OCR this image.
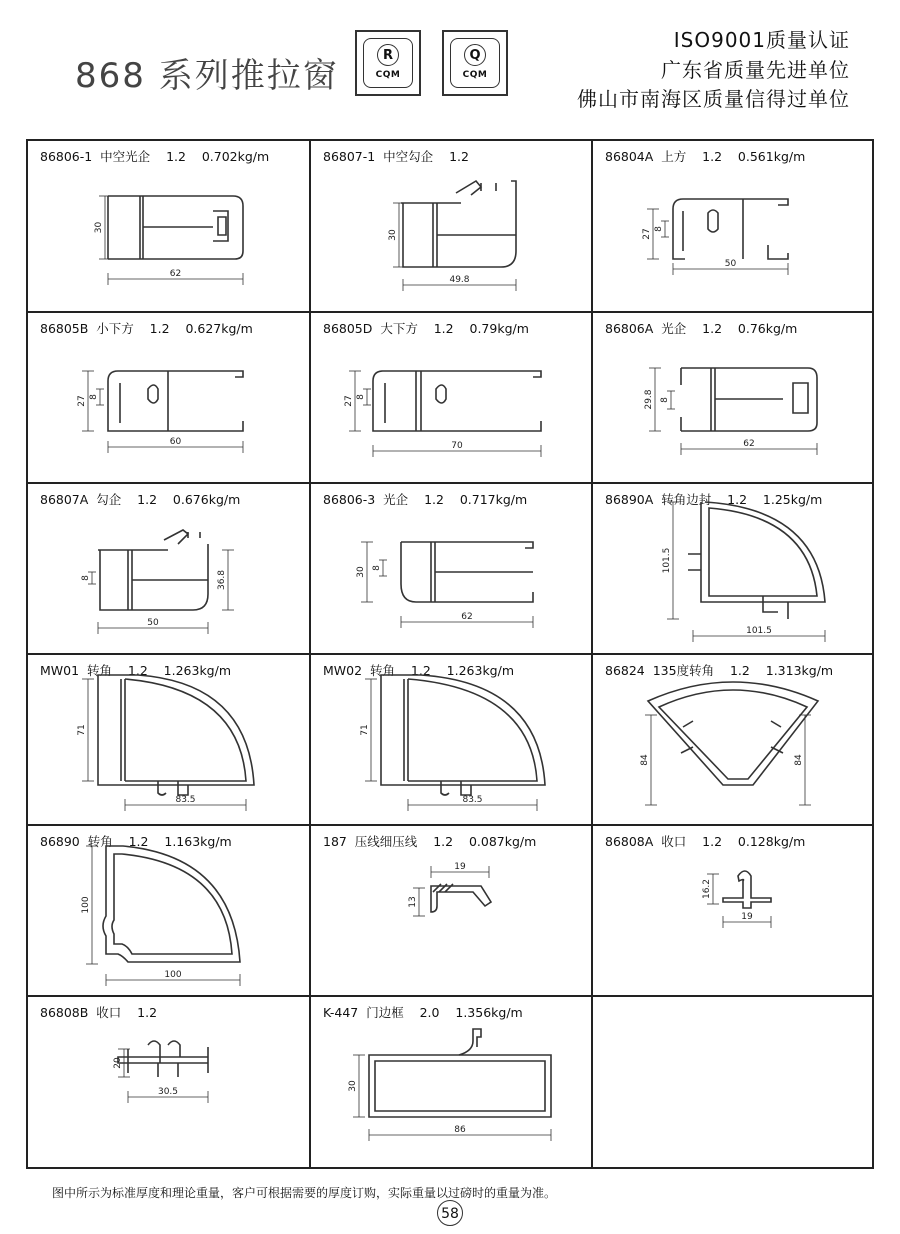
868 系列推拉窗
R
CQM
Q
CQM
ISO9001质量认证
广东省质量先进单位
佛山市南海区质量信得过单位
86806-1  中空光企    1.2    0.702kg/m
30
62
86807-1  中空勾企    1.2
30
49.8
86804A  上方    1.2    0.561kg/m
27 8
50
86805B  小下方    1.2    0.627kg/m
27 8
60
86805D  大下方    1.2    0.79kg/m
27 8
70
86806A  光企    1.2    0.76kg/m
29.8 8
62
86807A  勾企    1.2    0.676kg/m
8	36.8
50
86806-3  光企    1.2    0.717kg/m
30 8
62
86890A  转角边封    1.2    1.25kg/m
101.5
101.5
MW01  转角    1.2    1.263kg/m
71
83.5
MW02  转角    1.2    1.263kg/m
71
83.5
86824  135度转角    1.2    1.313kg/m
84	84
86890  转角    1.2    1.163kg/m
100
100
187  压线细压线    1.2    0.087kg/m
19
13
86808A  收口    1.2    0.128kg/m
16.2
19
86808B  收口    1.2
20
30.5
K-447  门边框    2.0    1.356kg/m
30
86
图中所示为标准厚度和理论重量，客户可根据需要的厚度订购，实际重量以过磅时的重量为准。
58
